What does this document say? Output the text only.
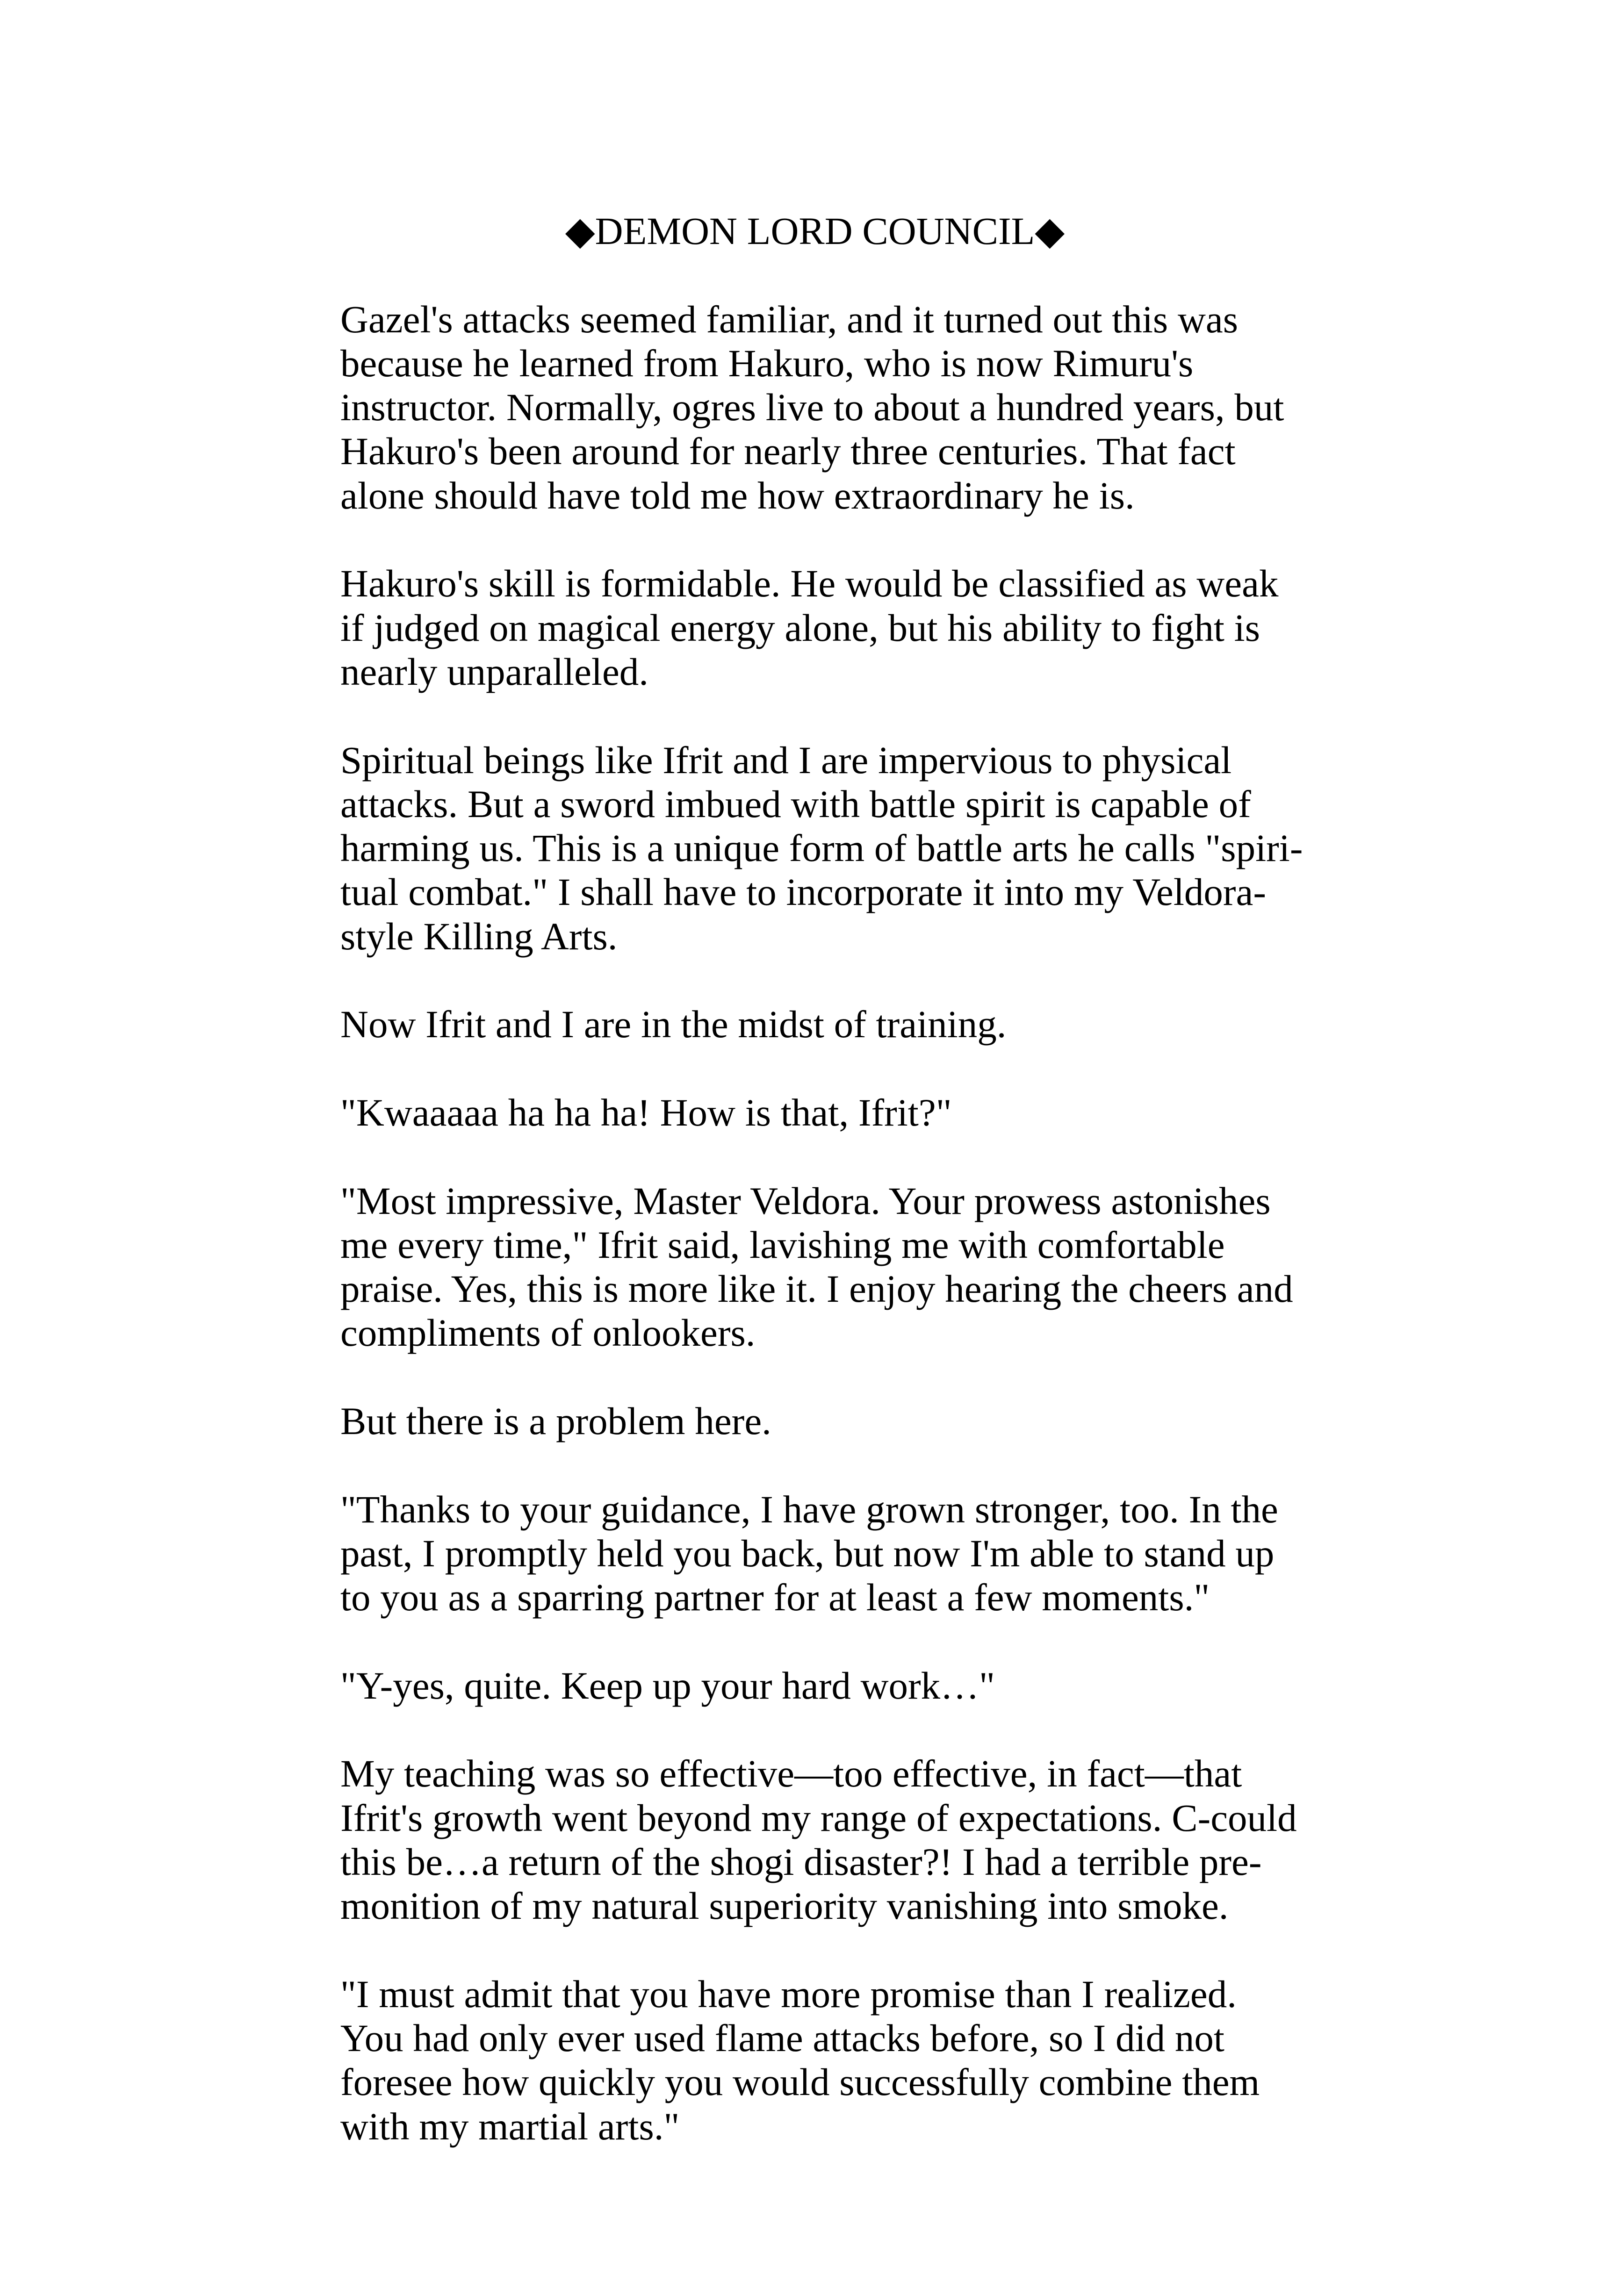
◆DEMON LORD COUNCIL◆

Gazel's attacks seemed familiar, and it turned out this was
because he learned from Hakuro, who is now Rimuru's
instructor. Normally, ogres live to about a hundred years, but
Hakuro's been around for nearly three centuries. That fact
alone should have told me how extraordinary he is.

Hakuro's skill is formidable. He would be classified as weak
if judged on magical energy alone, but his ability to fight is
nearly unparalleled.

Spiritual beings like Ifrit and I are impervious to physical
attacks. But a sword imbued with battle spirit is capable of
harming us. This is a unique form of battle arts he calls "spiri-
tual combat." I shall have to incorporate it into my Veldora-
style Killing Arts.

Now Ifrit and I are in the midst of training.

"Kwaaaaa ha ha ha! How is that, Ifrit?"

"Most impressive, Master Veldora. Your prowess astonishes
me every time," Ifrit said, lavishing me with comfortable
praise. Yes, this is more like it. I enjoy hearing the cheers and
compliments of onlookers.

But there is a problem here.

"Thanks to your guidance, I have grown stronger, too. In the
past, I promptly held you back, but now I'm able to stand up
to you as a sparring partner for at least a few moments."

"Y-yes, quite. Keep up your hard work…"

My teaching was so effective—too effective, in fact—that
Ifrit's growth went beyond my range of expectations. C-could
this be…a return of the shogi disaster?! I had a terrible pre-
monition of my natural superiority vanishing into smoke.

"I must admit that you have more promise than I realized.
You had only ever used flame attacks before, so I did not
foresee how quickly you would successfully combine them
with my martial arts."
